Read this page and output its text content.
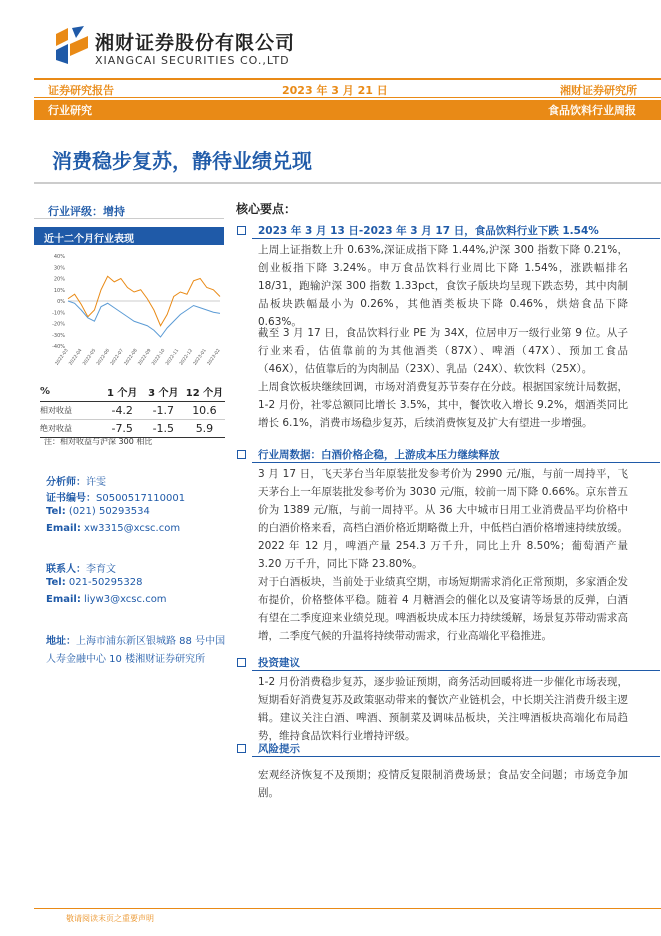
湘财证券股份有限公司
XIANGCAI SECURITIES CO.,LTD
证券研究报告	2023 年 3 月 21 日	湘财证券研究所
行业研究	食品饮料行业周报
消费稳步复苏，静待业绩兑现
行业评级：增持
近十二个月行业表现
40%
30%
20%
10%
0%
-10%
-20%
-30%
-40%
2022-03
2022-04
2022-05
2022-06
2022-07
2022-08
2022-09
2022-10
2022-11
2022-12
2023-01
2023-02
%	1 个月	3 个月	12 个月
相对收益	-4.2	-1.7	10.6
绝对收益	-7.5	-1.5	5.9
注：相对收益与沪深 300 相比
分析师：许雯
证书编号：S0500517110001
Tel: (021) 50293534
Email: xw3315@xcsc.com
联系人：李育文
Tel: 021-50295328
Email: liyw3@xcsc.com
地址：上海市浦东新区银城路 88 号中国人寿金融中心 10 楼湘财证券研究所
核心要点：
2023 年 3 月 13 日-2023 年 3 月 17 日，食品饮料行业下跌 1.54%
上周上证指数上升 0.63%,深证成指下降 1.44%,沪深 300 指数下降 0.21%，创业板指下降 3.24%。申万食品饮料行业周比下降 1.54%，涨跌幅排名 18/31，跑输沪深 300 指数 1.33pct，食饮子版块均呈现下跌态势，其中肉制品板块跌幅最小为 0.26%，其他酒类板块下降 0.46%，烘焙食品下降 0.63%。
截至 3 月 17 日，食品饮料行业 PE 为 34X，位居申万一级行业第 9 位。从子行业来看，估值靠前的为其他酒类（87X）、啤酒（47X）、预加工食品（46X），估值靠后的为肉制品（23X）、乳品（24X）、软饮料（25X）。
上周食饮板块继续回调，市场对消费复苏节奏存在分歧。根据国家统计局数据，1-2 月份，社零总额同比增长 3.5%，其中，餐饮收入增长 9.2%，烟酒类同比增长 6.1%，消费市场稳步复苏，后续消费恢复及扩大有望进一步增强。
行业周数据：白酒价格企稳，上游成本压力继续释放
3 月 17 日，飞天茅台当年原装批发参考价为 2990 元/瓶，与前一周持平，飞天茅台上一年原装批发参考价为 3030 元/瓶，较前一周下降 0.66%。京东普五价为 1389 元/瓶，与前一周持平。从 36 大中城市日用工业消费品平均价格中的白酒价格来看，高档白酒价格近期略微上升，中低档白酒价格增速持续放缓。2022 年 12 月，啤酒产量 254.3 万千升，同比上升 8.50%；葡萄酒产量 3.20 万千升，同比下降 23.80%。
对于白酒板块，当前处于业绩真空期，市场短期需求消化正常预期，多家酒企发布提价，价格整体平稳。随着 4 月糖酒会的催化以及宴请等场景的反弹，白酒有望在二季度迎来业绩兑现。啤酒板块成本压力持续缓解，场景复苏带动需求高增，二季度气候的升温将持续带动需求，行业高端化平稳推进。
投资建议
1-2 月份消费稳步复苏，逐步验证预期，商务活动回暖将进一步催化市场表现，短期看好消费复苏及政策驱动带来的餐饮产业链机会，中长期关注消费升级主逻辑。建议关注白酒、啤酒、预制菜及调味品板块，关注啤酒板块高端化布局趋势，维持食品饮料行业增持评级。
风险提示
宏观经济恢复不及预期；疫情反复限制消费场景；食品安全问题；市场竞争加剧。
敬请阅读末页之重要声明
